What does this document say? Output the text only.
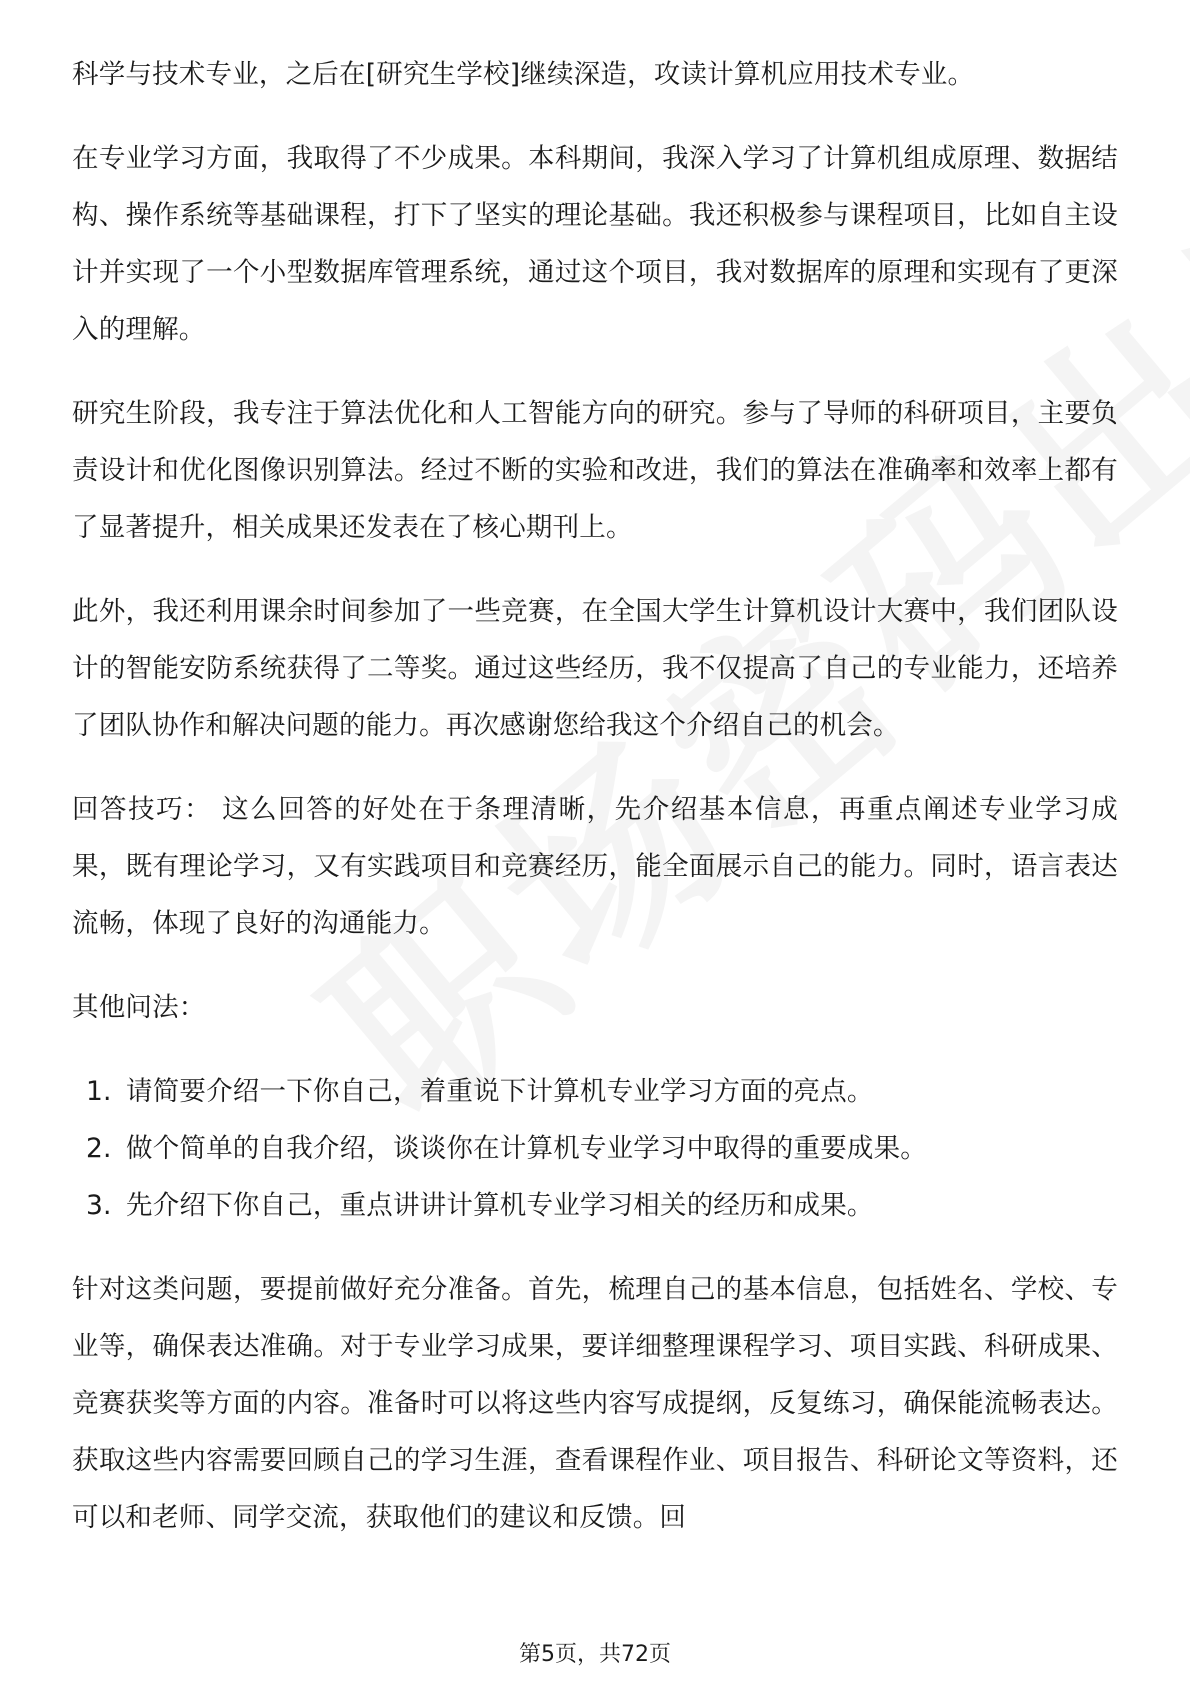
科学与技术专业，之后在[研究生学校]继续深造，攻读计算机应用技术专业。

在专业学习方面，我取得了不少成果。本科期间，我深入学习了计算机组成原理、数据结构、操作系统等基础课程，打下了坚实的理论基础。我还积极参与课程项目，比如自主设计并实现了一个小型数据库管理系统，通过这个项目，我对数据库的原理和实现有了更深入的理解。

研究生阶段，我专注于算法优化和人工智能方向的研究。参与了导师的科研项目，主要负责设计和优化图像识别算法。经过不断的实验和改进，我们的算法在准确率和效率上都有了显著提升，相关成果还发表在了核心期刊上。

此外，我还利用课余时间参加了一些竞赛，在全国大学生计算机设计大赛中，我们团队设计的智能安防系统获得了二等奖。通过这些经历，我不仅提高了自己的专业能力，还培养了团队协作和解决问题的能力。再次感谢您给我这个介绍自己的机会。

回答技巧： 这么回答的好处在于条理清晰，先介绍基本信息，再重点阐述专业学习成果，既有理论学习，又有实践项目和竞赛经历，能全面展示自己的能力。同时，语言表达流畅，体现了良好的沟通能力。

其他问法：

1. 请简要介绍一下你自己，着重说下计算机专业学习方面的亮点。
2. 做个简单的自我介绍，谈谈你在计算机专业学习中取得的重要成果。
3. 先介绍下你自己，重点讲讲计算机专业学习相关的经历和成果。

针对这类问题，要提前做好充分准备。首先，梳理自己的基本信息，包括姓名、学校、专业等，确保表达准确。对于专业学习成果，要详细整理课程学习、项目实践、科研成果、竞赛获奖等方面的内容。准备时可以将这些内容写成提纲，反复练习，确保能流畅表达。获取这些内容需要回顾自己的学习生涯，查看课程作业、项目报告、科研论文等资料，还可以和老师、同学交流，获取他们的建议和反馈。回

第5页，共72页
